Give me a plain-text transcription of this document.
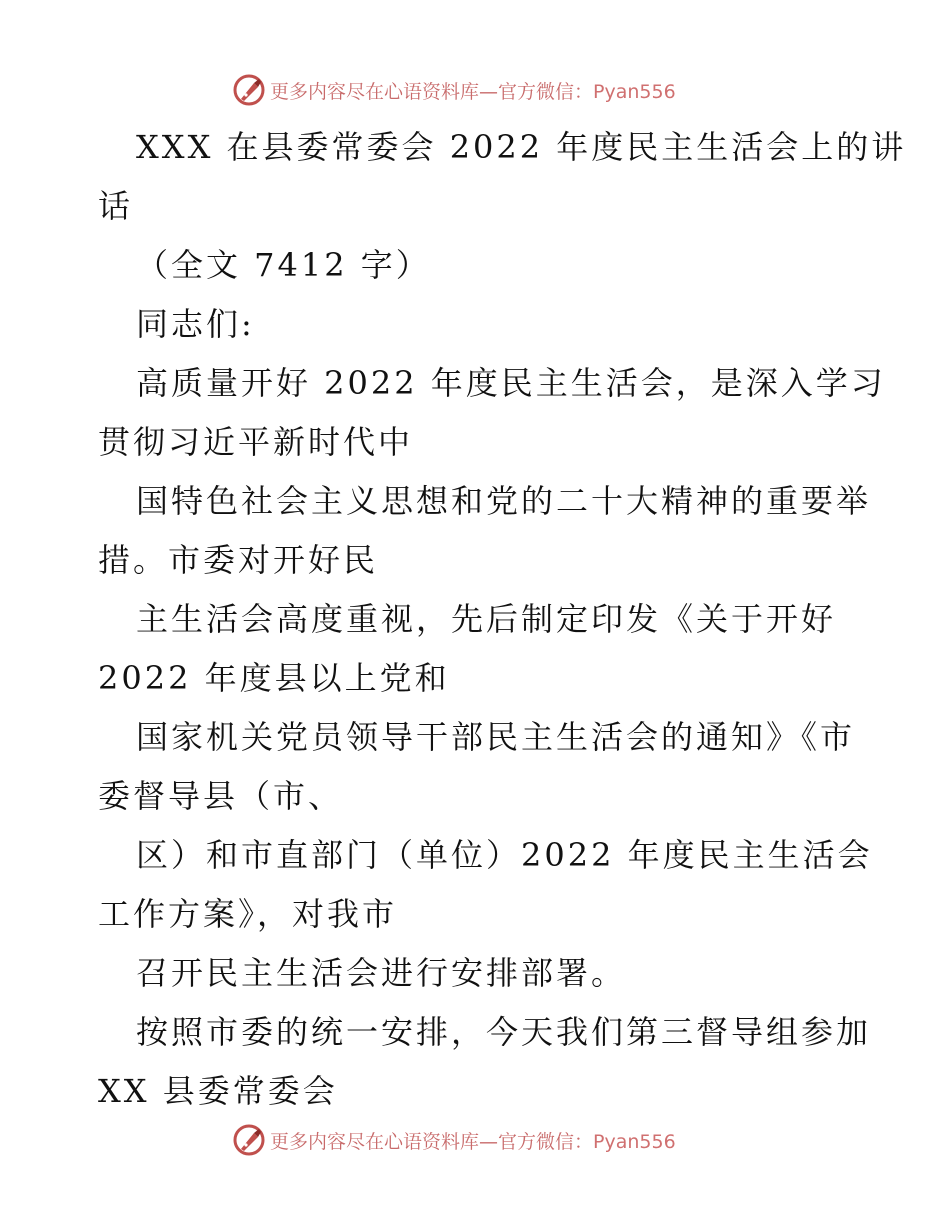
更多内容尽在心语资料库—官方微信：Pyan556
XXX 在县委常委会 2022 年度民主生活会上的讲
话
（全文 7412 字）
同志们:
高质量开好 2022 年度民主生活会，是深入学习
贯彻习近平新时代中
国特色社会主义思想和党的二十大精神的重要举
措。市委对开好民
主生活会高度重视，先后制定印发《关于开好
2022 年度县以上党和
国家机关党员领导干部民主生活会的通知》《市
委督导县（市、
区）和市直部门（单位）2022 年度民主生活会
工作方案》，对我市
召开民主生活会进行安排部署。
按照市委的统一安排，今天我们第三督导组参加
XX 县委常委会
更多内容尽在心语资料库—官方微信：Pyan556
